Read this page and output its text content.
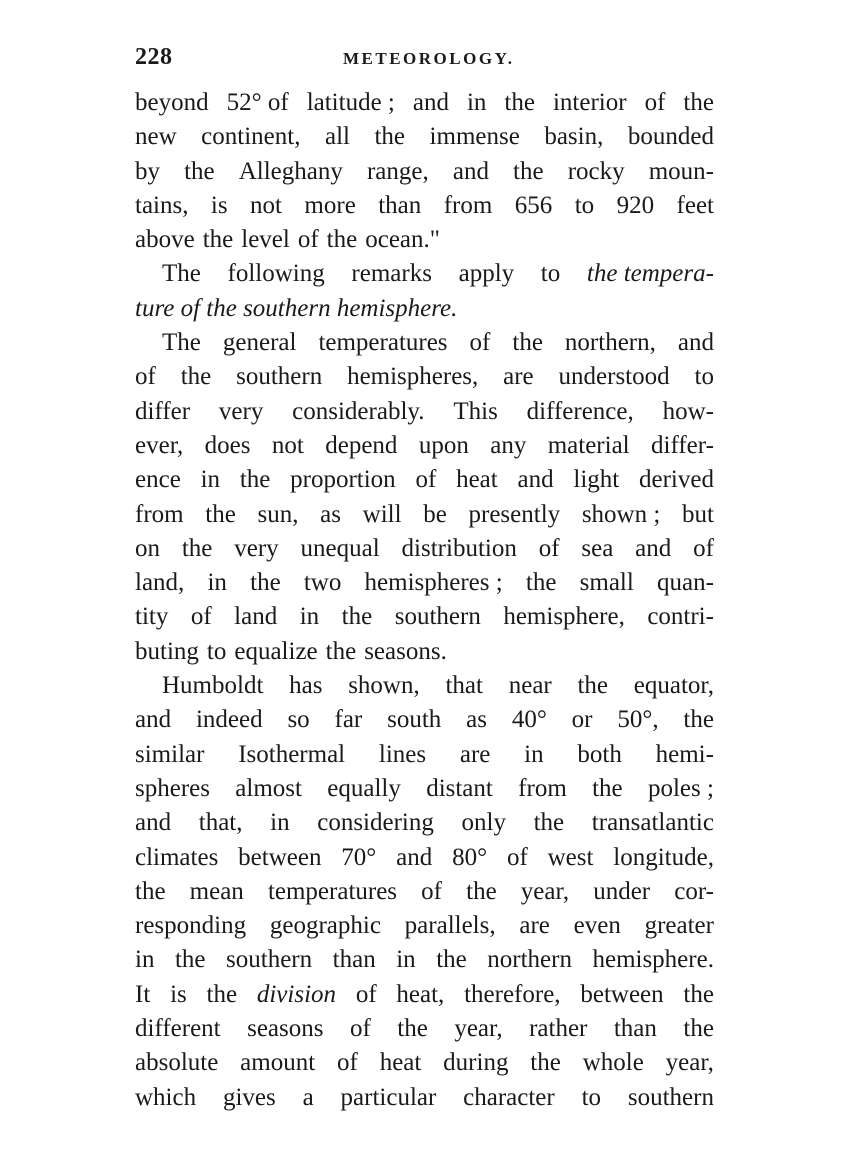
228	METEOROLOGY.
beyond 52° of latitude ; and in the interior of the
new continent, all the immense basin, bounded
by the Alleghany range, and the rocky moun-
tains, is not more than from 656 to 920 feet
above the level of the ocean."
The following remarks apply to the tempera-
ture of the southern hemisphere.
The general temperatures of the northern, and
of the southern hemispheres, are understood to
differ very considerably. This difference, how-
ever, does not depend upon any material differ-
ence in the proportion of heat and light derived
from the sun, as will be presently shown ; but
on the very unequal distribution of sea and of
land, in the two hemispheres ; the small quan-
tity of land in the southern hemisphere, contri-
buting to equalize the seasons.
Humboldt has shown, that near the equator,
and indeed so far south as 40° or 50°, the
similar Isothermal lines are in both hemi-
spheres almost equally distant from the poles ;
and that, in considering only the transatlantic
climates between 70° and 80° of west longitude,
the mean temperatures of the year, under cor-
responding geographic parallels, are even greater
in the southern than in the northern hemisphere.
It is the division of heat, therefore, between the
different seasons of the year, rather than the
absolute amount of heat during the whole year,
which gives a particular character to southern
